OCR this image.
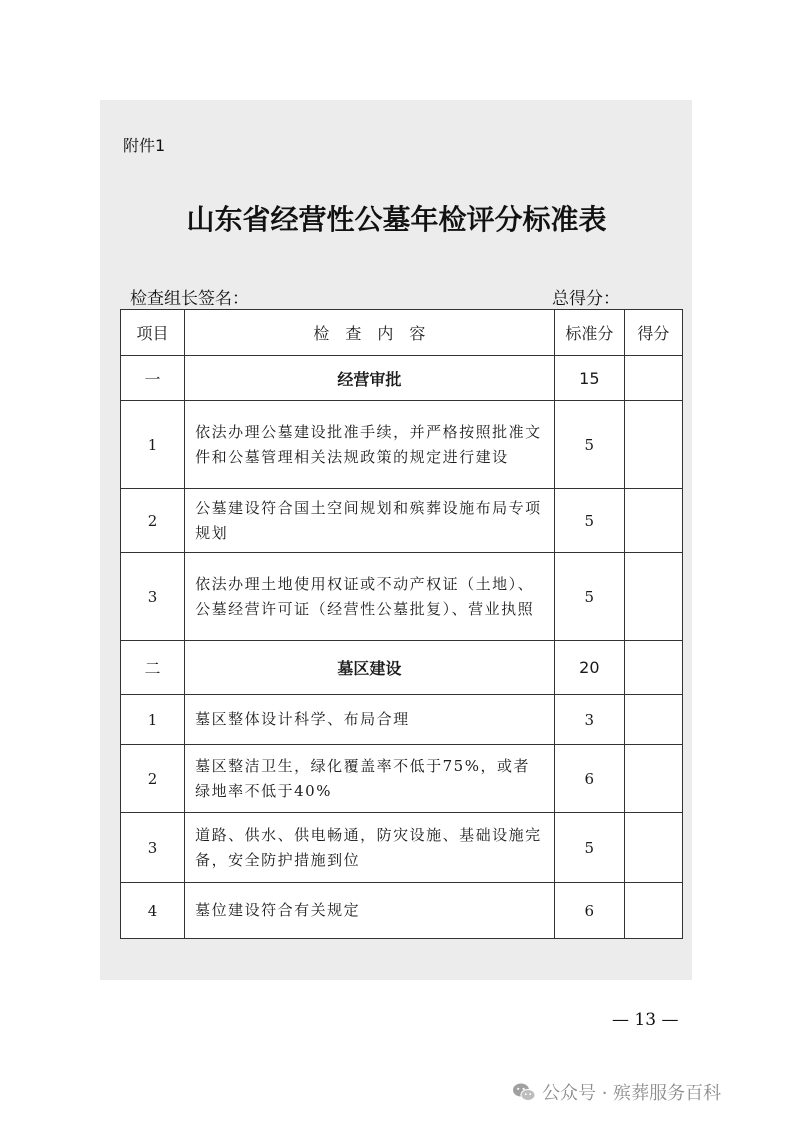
附件1
山东省经营性公墓年检评分标准表
检查组长签名：	总得分：
项目	检　查　内　容	标准分	得分
一	经营审批	15	
1	依法办理公墓建设批准手续，并严格按照批准文件和公墓管理相关法规政策的规定进行建设	5	
2	公墓建设符合国土空间规划和殡葬设施布局专项规划	5	
3	依法办理土地使用权证或不动产权证（土地）、公墓经营许可证（经营性公墓批复）、营业执照	5	
二	墓区建设	20	
1	墓区整体设计科学、布局合理	3	
2	墓区整洁卫生，绿化覆盖率不低于75%，或者绿地率不低于40%	6	
3	道路、供水、供电畅通，防灾设施、基础设施完备，安全防护措施到位	5	
4	墓位建设符合有关规定	6	
— 13 —
公众号 · 殡葬服务百科
